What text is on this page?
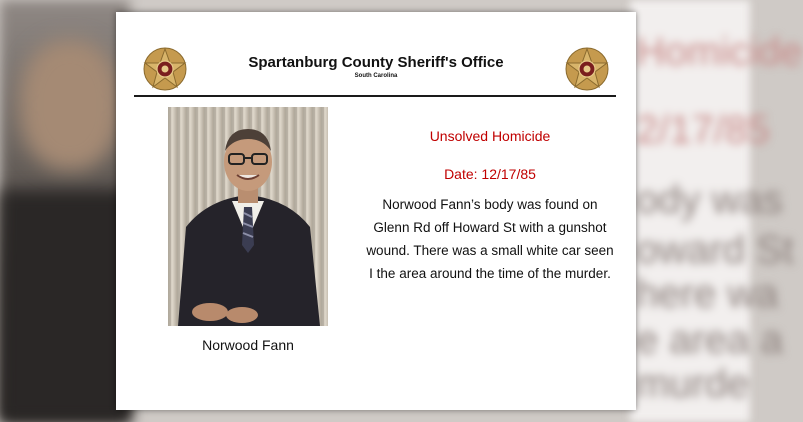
Homicide
2/17/85
ody was
oward St
here wa
e area a
murde
Spartanburg County Sheriff's Office
South Carolina
Norwood Fann
Unsolved Homicide
Date: 12/17/85
Norwood Fann’s body was found on Glenn Rd off Howard St with a gunshot wound. There was a small white car seen I the area around the time of the murder.
